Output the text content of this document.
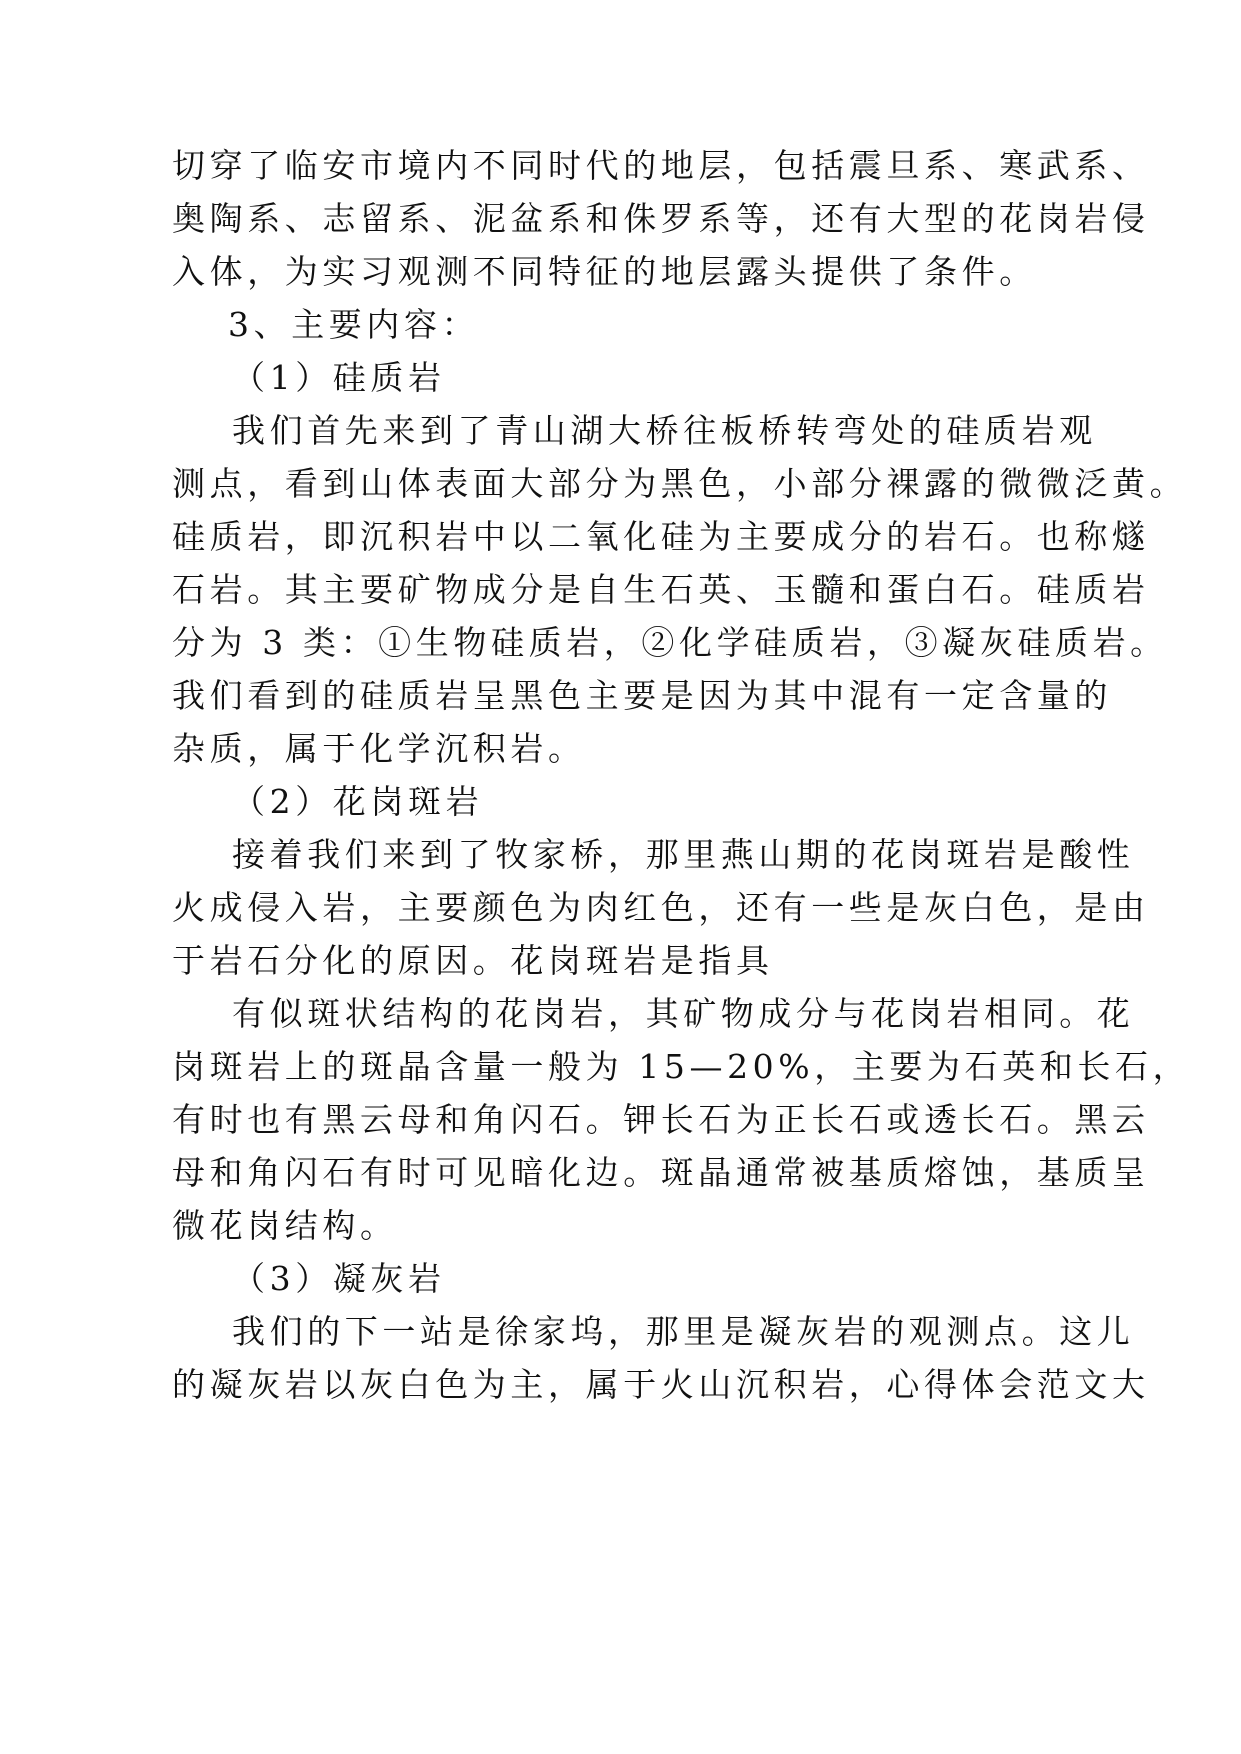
切穿了临安市境内不同时代的地层，包括震旦系、寒武系、
奥陶系、志留系、泥盆系和侏罗系等，还有大型的花岗岩侵
入体，为实习观测不同特征的地层露头提供了条件。
3、主要内容：
（1）硅质岩
我们首先来到了青山湖大桥往板桥转弯处的硅质岩观
测点，看到山体表面大部分为黑色，小部分裸露的微微泛黄。
硅质岩，即沉积岩中以二氧化硅为主要成分的岩石。也称燧
石岩。其主要矿物成分是自生石英、玉髓和蛋白石。硅质岩
分为 3 类：①生物硅质岩，②化学硅质岩，③凝灰硅质岩。
我们看到的硅质岩呈黑色主要是因为其中混有一定含量的
杂质，属于化学沉积岩。
（2）花岗斑岩
接着我们来到了牧家桥，那里燕山期的花岗斑岩是酸性
火成侵入岩，主要颜色为肉红色，还有一些是灰白色，是由
于岩石分化的原因。花岗斑岩是指具
有似斑状结构的花岗岩，其矿物成分与花岗岩相同。花
岗斑岩上的斑晶含量一般为 15—20%，主要为石英和长石，
有时也有黑云母和角闪石。钾长石为正长石或透长石。黑云
母和角闪石有时可见暗化边。斑晶通常被基质熔蚀，基质呈
微花岗结构。
（3）凝灰岩
我们的下一站是徐家坞，那里是凝灰岩的观测点。这儿
的凝灰岩以灰白色为主，属于火山沉积岩，心得体会范文大
